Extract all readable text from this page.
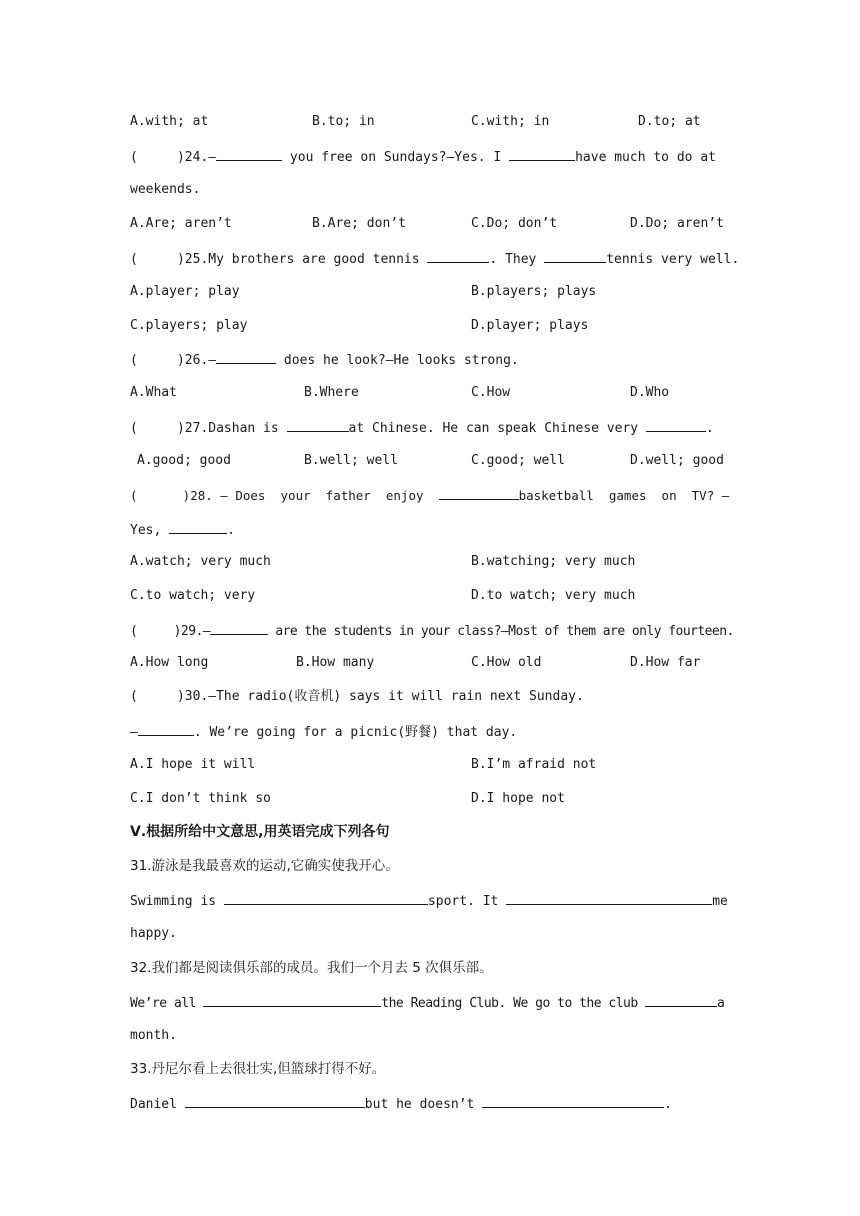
A.with; at	B.to; in	C.with; in	D.to; at
(     )24.—	you free on Sundays?—Yes. I	have much to do at
weekends.
A.Are; aren’t	B.Are; don’t	C.Do; don’t	D.Do; aren’t
(     )25.My brothers are good tennis	. They	tennis very well.
A.player; play	B.players; plays
C.players; play	D.player; plays
(     )26.—	does he look?—He looks strong.
A.What	B.Where	C.How	D.Who
(     )27.Dashan is	at Chinese. He can speak Chinese very	.
A.good; good	B.well; well	C.good; well	D.well; good
(      )28. — Does  your  father  enjoy	basketball  games  on  TV? —
Yes,	.
A.watch; very much	B.watching; very much
C.to watch; very	D.to watch; very much
(     )29.—	are the students in your class?—Most of them are only fourteen.
A.How long	B.How many	C.How old	D.How far
(     )30.—The radio(收音机) says it will rain next Sunday.
—	. We’re going for a picnic(野餐) that day.
A.I hope it will	B.I’m afraid not
C.I don’t think so	D.I hope not
Ⅴ.根据所给中文意思,用英语完成下列各句
31.游泳是我最喜欢的运动,它确实使我开心。
Swimming is	sport. It	me
happy.
32.我们都是阅读俱乐部的成员。我们一个月去 5 次俱乐部。
We’re all	the Reading Club. We go to the club	a
month.
33.丹尼尔看上去很壮实,但篮球打得不好。
Daniel	but he doesn’t	.
